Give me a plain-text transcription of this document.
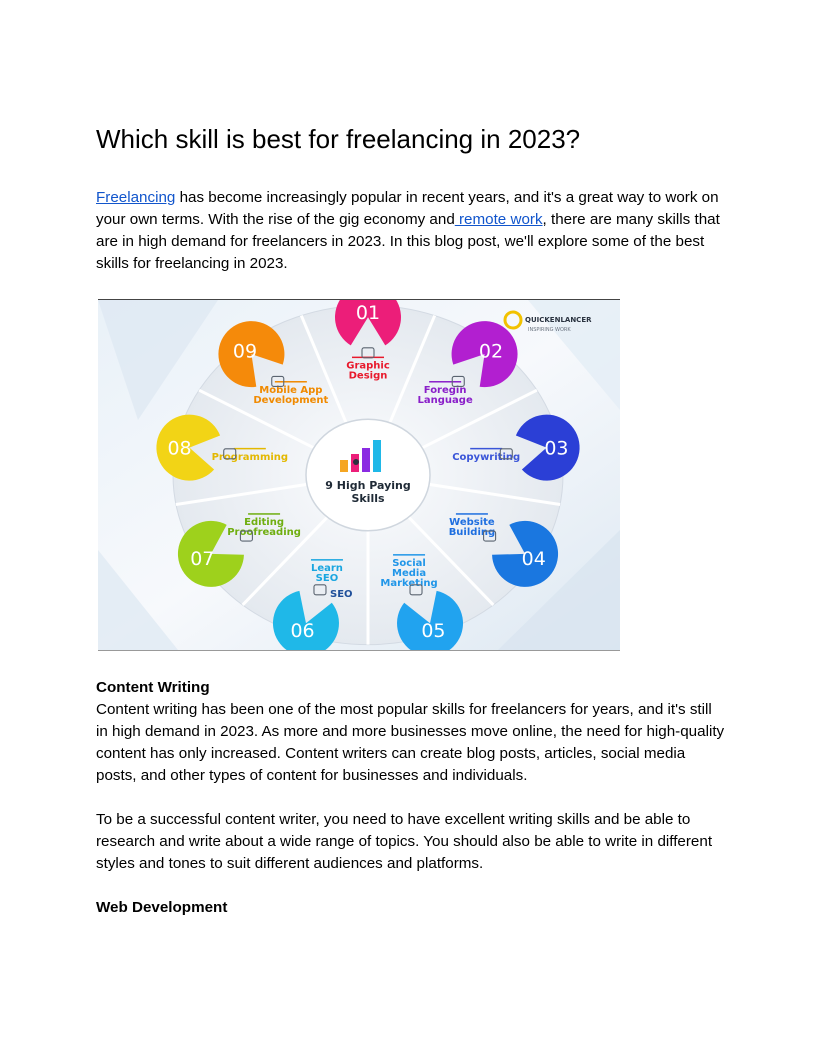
Which skill is best for freelancing in 2023?

Freelancing has become increasingly popular in recent years, and it's a great way to work on your own terms. With the rise of the gig economy and remote work, there are many skills that are in high demand for freelancers in 2023. In this blog post, we'll explore some of the best skills for freelancing in 2023.

Content Writing

Content writing has been one of the most popular skills for freelancers for years, and it's still in high demand in 2023. As more and more businesses move online, the need for high-quality content has only increased. Content writers can create blog posts, articles, social media posts, and other types of content for businesses and individuals.

To be a successful content writer, you need to have excellent writing skills and be able to research and write about a wide range of topics. You should also be able to write in different styles and tones to suit different audiences and platforms.

Web Development
01
Graphic
Design
02
Foregin
Language
03
Copywriting
04
Website
Building
05
Social
Media
Marketing
06
Learn
SEO
07
Editing
Proofreading
08 Programming
09
Mobile App
Development
SEO
9 High Paying
Skills
QUICKENLANCER
INSPIRING WORK
